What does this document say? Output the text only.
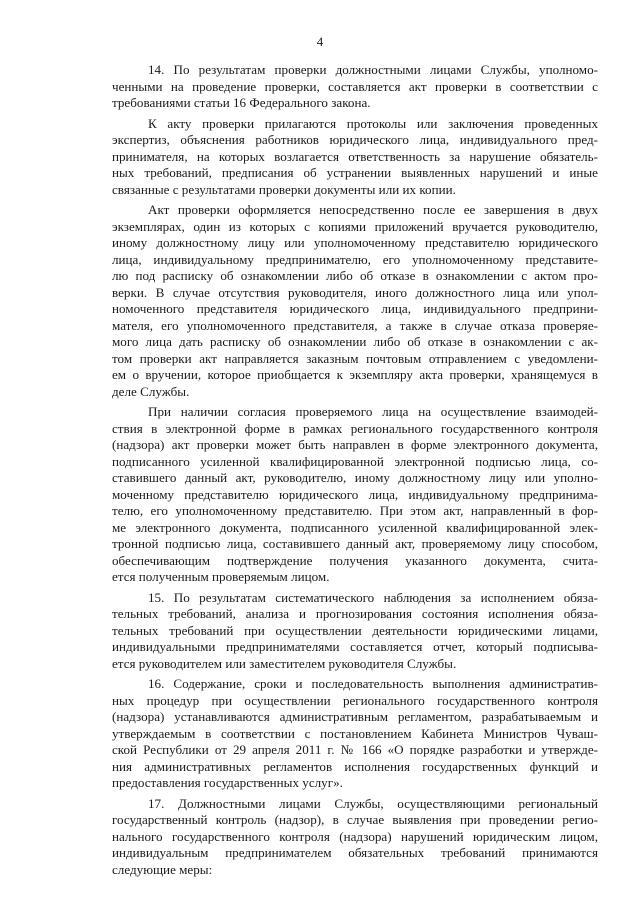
4

14. По результатам проверки должностными лицами Службы, уполномо-
ченными на проведение проверки, составляется акт проверки в соответствии с
требованиями статьи 16 Федерального закона.

К акту проверки прилагаются протоколы или заключения проведенных
экспертиз, объяснения работников юридического лица, индивидуального пред-
принимателя, на которых возлагается ответственность за нарушение обязатель-
ных требований, предписания об устранении выявленных нарушений и иные
связанные с результатами проверки документы или их копии.

Акт проверки оформляется непосредственно после ее завершения в двух
экземплярах, один из которых с копиями приложений вручается руководителю,
иному должностному лицу или уполномоченному представителю юридического
лица, индивидуальному предпринимателю, его уполномоченному представите-
лю под расписку об ознакомлении либо об отказе в ознакомлении с актом про-
верки. В случае отсутствия руководителя, иного должностного лица или упол-
номоченного представителя юридического лица, индивидуального предприни-
мателя, его уполномоченного представителя, а также в случае отказа проверяе-
мого лица дать расписку об ознакомлении либо об отказе в ознакомлении с ак-
том проверки акт направляется заказным почтовым отправлением с уведомлени-
ем о вручении, которое приобщается к экземпляру акта проверки, хранящемуся в
деле Службы.

При наличии согласия проверяемого лица на осуществление взаимодей-
ствия в электронной форме в рамках регионального государственного контроля
(надзора) акт проверки может быть направлен в форме электронного документа,
подписанного усиленной квалифицированной электронной подписью лица, со-
ставившего данный акт, руководителю, иному должностному лицу или уполно-
моченному представителю юридического лица, индивидуальному предпринима-
телю, его уполномоченному представителю. При этом акт, направленный в фор-
ме электронного документа, подписанного усиленной квалифицированной элек-
тронной подписью лица, составившего данный акт, проверяемому лицу способом,
обеспечивающим подтверждение получения указанного документа, счита-
ется полученным проверяемым лицом.

15. По результатам систематического наблюдения за исполнением обяза-
тельных требований, анализа и прогнозирования состояния исполнения обяза-
тельных требований при осуществлении деятельности юридическими лицами,
индивидуальными предпринимателями составляется отчет, который подписыва-
ется руководителем или заместителем руководителя Службы.

16. Содержание, сроки и последовательность выполнения административ-
ных процедур при осуществлении регионального государственного контроля
(надзора) устанавливаются административным регламентом, разрабатываемым и
утверждаемым в соответствии с постановлением Кабинета Министров Чуваш-
ской Республики от 29 апреля 2011 г. № 166 «О порядке разработки и утвержде-
ния административных регламентов исполнения государственных функций и
предоставления государственных услуг».

17. Должностными лицами Службы, осуществляющими региональный
государственный контроль (надзор), в случае выявления при проведении регио-
нального государственного контроля (надзора) нарушений юридическим лицом,
индивидуальным предпринимателем обязательных требований принимаются
следующие меры:
